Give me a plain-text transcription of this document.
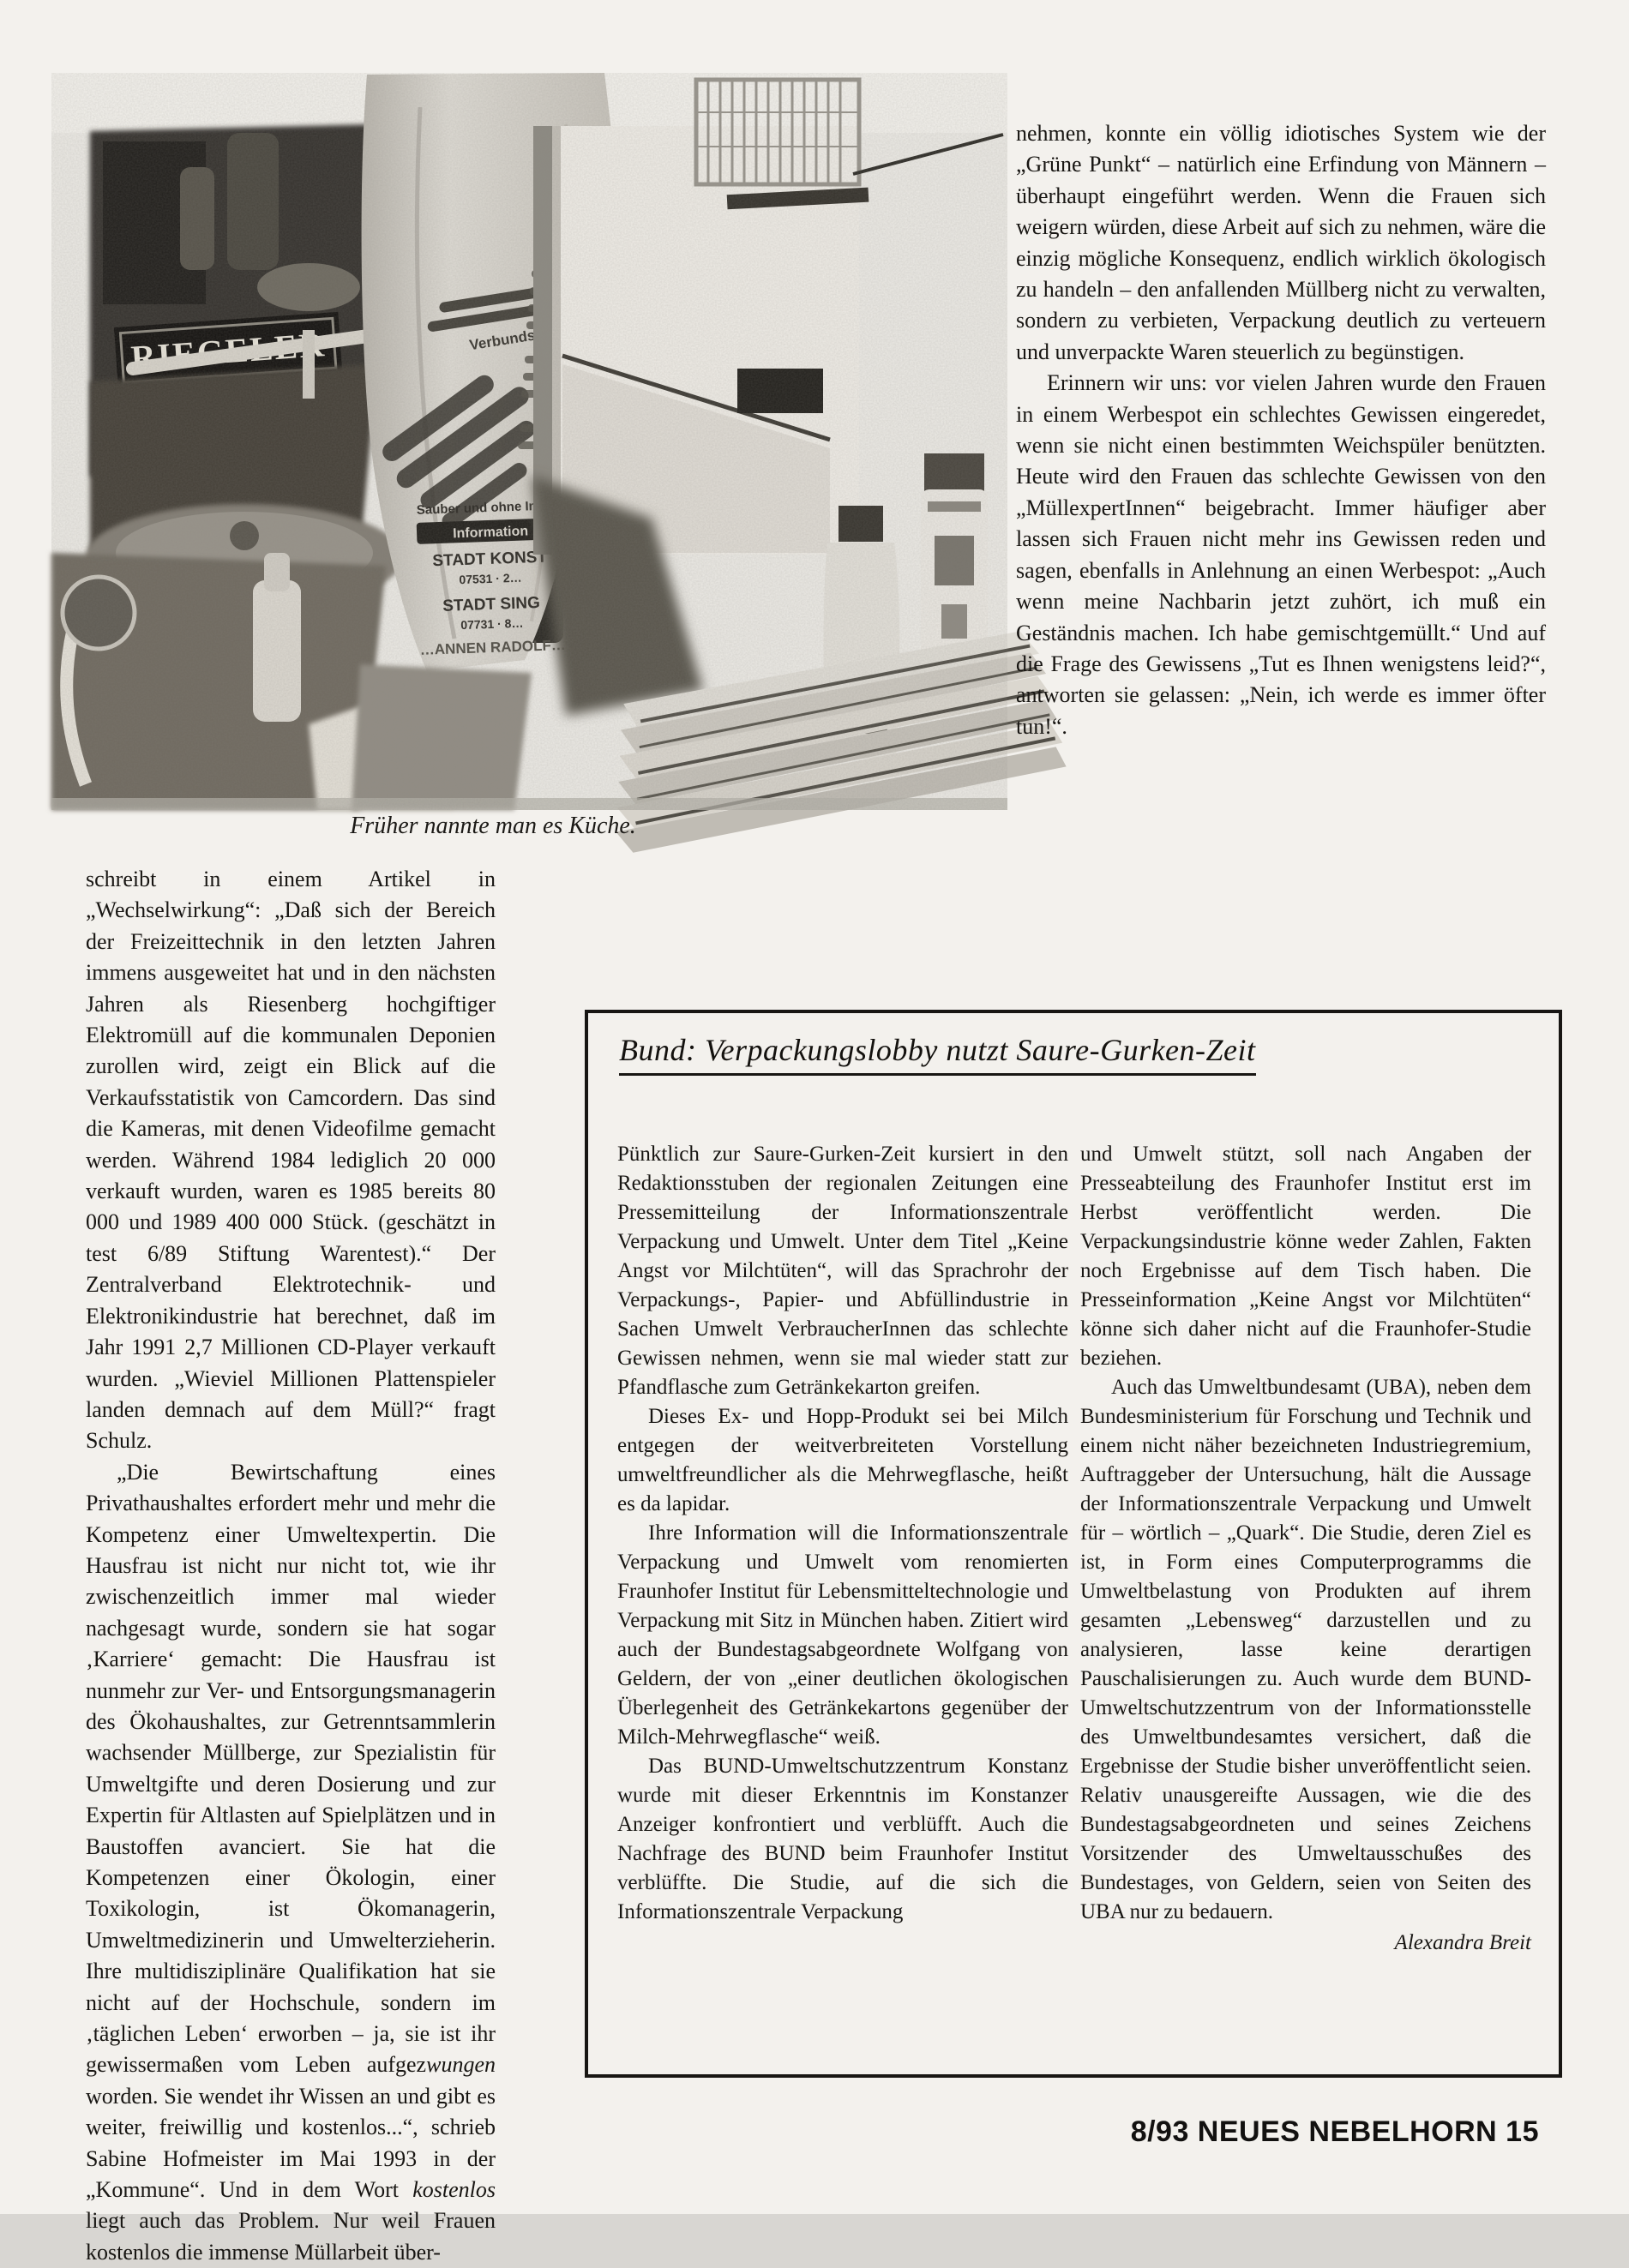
Früher nannte man es Küche.

schreibt in einem Artikel in „Wechselwirkung“: „Daß sich der Bereich der Freizeittechnik in den letzten Jahren immens ausgeweitet hat und in den nächsten Jahren als Riesenberg hochgiftiger Elektromüll auf die kommunalen Deponien zurollen wird, zeigt ein Blick auf die Verkaufsstatistik von Camcordern. Das sind die Kameras, mit denen Videofilme gemacht werden. Während 1984 lediglich 20 000 verkauft wurden, waren es 1985 bereits 80 000 und 1989 400 000 Stück. (geschätzt in test 6/89 Stiftung Warentest).“ Der Zentralverband Elektrotechnik- und Elektronikindustrie hat berechnet, daß im Jahr 1991 2,7 Millionen CD-Player verkauft wurden. „Wieviel Millionen Plattenspieler landen demnach auf dem Müll?“ fragt Schulz.

„Die Bewirtschaftung eines Privathaushaltes erfordert mehr und mehr die Kompetenz einer Umweltexpertin. Die Hausfrau ist nicht nur nicht tot, wie ihr zwischenzeitlich immer mal wieder nachgesagt wurde, sondern sie hat sogar ‚Karriere‘ gemacht: Die Hausfrau ist nunmehr zur Ver- und Entsorgungsmanagerin des Ökohaushaltes, zur Getrenntsammlerin wachsender Müllberge, zur Spezialistin für Umweltgifte und deren Dosierung und zur Expertin für Altlasten auf Spielplätzen und in Baustoffen avanciert. Sie hat die Kompetenzen einer Ökologin, einer Toxikologin, ist Ökomanagerin, Umweltmedizinerin und Umwelterzieherin. Ihre multidisziplinäre Qualifikation hat sie nicht auf der Hochschule, sondern im ‚täglichen Leben‘ erworben – ja, sie ist ihr gewissermaßen vom Leben aufgezwungen worden. Sie wendet ihr Wissen an und gibt es weiter, freiwillig und kostenlos...“, schrieb Sabine Hofmeister im Mai 1993 in der „Kommune“. Und in dem Wort kostenlos liegt auch das Problem. Nur weil Frauen kostenlos die immense Müllarbeit über-

nehmen, konnte ein völlig idiotisches System wie der „Grüne Punkt“ – natürlich eine Erfindung von Männern – überhaupt eingeführt werden. Wenn die Frauen sich weigern würden, diese Arbeit auf sich zu nehmen, wäre die einzig mögliche Konsequenz, endlich wirklich ökologisch zu handeln – den anfallenden Müllberg nicht zu verwalten, sondern zu verbieten, Verpackung deutlich zu verteuern und unverpackte Waren steuerlich zu begünstigen.

Erinnern wir uns: vor vielen Jahren wurde den Frauen in einem Werbespot ein schlechtes Gewissen eingeredet, wenn sie nicht einen bestimmten Weichspüler benützten. Heute wird den Frauen das schlechte Gewissen von den „MüllexpertInnen“ beigebracht. Immer häufiger aber lassen sich Frauen nicht mehr ins Gewissen reden und sagen, ebenfalls in Anlehnung an einen Werbespot: „Auch wenn meine Nachbarin jetzt zuhört, ich muß ein Geständnis machen. Ich habe gemischtgemüllt.“ Und auf die Frage des Gewissens „Tut es Ihnen wenigstens leid?“, antworten sie gelassen: „Nein, ich werde es immer öfter tun!“.

Bund: Verpackungslobby nutzt Saure-Gurken-Zeit

Pünktlich zur Saure-Gurken-Zeit kursiert in den Redaktionsstuben der regionalen Zeitungen eine Pressemitteilung der Informationszentrale Verpackung und Umwelt. Unter dem Titel „Keine Angst vor Milchtüten“, will das Sprachrohr der Verpackungs-, Papier- und Abfüllindustrie in Sachen Umwelt VerbraucherInnen das schlechte Gewissen nehmen, wenn sie mal wieder statt zur Pfandflasche zum Getränkekarton greifen.

Dieses Ex- und Hopp-Produkt sei bei Milch entgegen der weitverbreiteten Vorstellung umweltfreundlicher als die Mehrwegflasche, heißt es da lapidar.

Ihre Information will die Informationszentrale Verpackung und Umwelt vom renomierten Fraunhofer Institut für Lebensmitteltechnologie und Verpackung mit Sitz in München haben. Zitiert wird auch der Bundestagsabgeordnete Wolfgang von Geldern, der von „einer deutlichen ökologischen Überlegenheit des Getränkekartons gegenüber der Milch-Mehrwegflasche“ weiß.

Das BUND-Umweltschutzzentrum Konstanz wurde mit dieser Erkenntnis im Konstanzer Anzeiger konfrontiert und verblüfft. Auch die Nachfrage des BUND beim Fraunhofer Institut verblüffte. Die Studie, auf die sich die Informationszentrale Verpackung

und Umwelt stützt, soll nach Angaben der Presseabteilung des Fraunhofer Institut erst im Herbst veröffentlicht werden. Die Verpackungsindustrie könne weder Zahlen, Fakten noch Ergebnisse auf dem Tisch haben. Die Presseinformation „Keine Angst vor Milchtüten“ könne sich daher nicht auf die Fraunhofer-Studie beziehen.

Auch das Umweltbundesamt (UBA), neben dem Bundesministerium für Forschung und Technik und einem nicht näher bezeichneten Industriegremium, Auftraggeber der Untersuchung, hält die Aussage der Informationszentrale Verpackung und Umwelt für – wörtlich – „Quark“. Die Studie, deren Ziel es ist, in Form eines Computerprogramms die Umweltbelastung von Produkten auf ihrem gesamten „Lebensweg“ darzustellen und zu analysieren, lasse keine derartigen Pauschalisierungen zu. Auch wurde dem BUND-Umweltschutzzentrum von der Informationsstelle des Umweltbundesamtes versichert, daß die Ergebnisse der Studie bisher unveröffentlicht seien. Relativ unausgereifte Aussagen, wie die des Bundestagsabgeordneten und seines Zeichens Vorsitzender des Umweltausschußes des Bundestages, von Geldern, seien von Seiten des UBA nur zu bedauern.

Alexandra Breit

8/93 NEUES NEBELHORN 15
